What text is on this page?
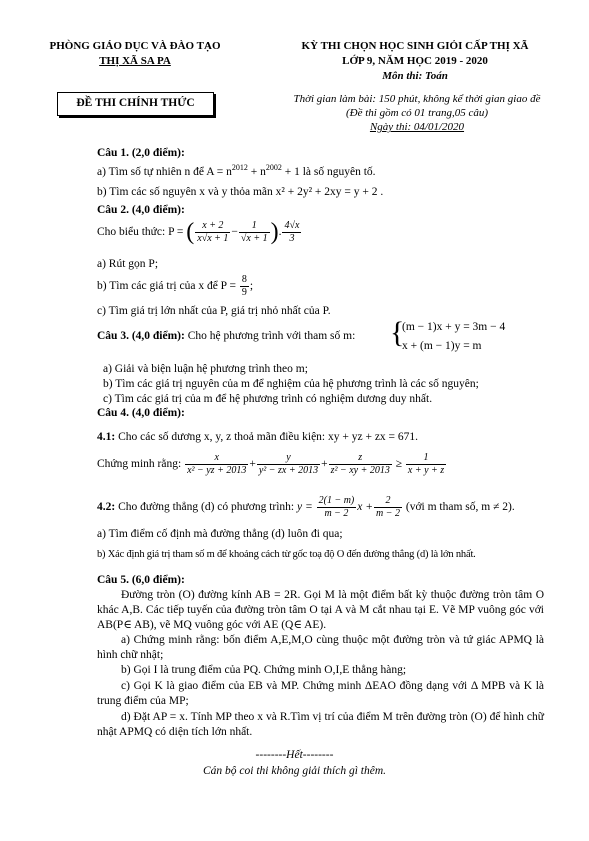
PHÒNG GIÁO DỤC VÀ ĐÀO TẠO
THỊ XÃ SA PA
KỲ THI CHỌN HỌC SINH GIỎI CẤP THỊ XÃ
LỚP 9, NĂM HỌC 2019 - 2020
Môn thi: Toán
ĐỀ THI CHÍNH THỨC	Thời gian làm bài: 150 phút, không kể thời gian giao đề
(Đề thi gồm có 01 trang,05 câu)
Ngày thi: 04/01/2020
Câu 1. (2,0 điểm):
a) Tìm số tự nhiên n để $A = n^{2012} + n^{2002} + 1$ là số nguyên tố.
b) Tìm các số nguyên x và y thỏa mãn x² + 2y² + 2xy = y + 2 .
Câu 2. (4,0 điểm):
Cho biểu thức: P = ( $\frac{x + 2}{x√x + 1} - \frac{1}{√x + 1}$ ). $\frac{4√x}{3}$
a) Rút gọn P;
b) Tìm các giá trị của x để $P = \frac{8}{9}$ ;
c) Tìm giá trị lớn nhất của P, giá trị nhỏ nhất của P.
Câu 3. (4,0 điểm): Cho hệ phương trình với tham số m: {
(m − 1)x + y = 3m − 4
x + (m − 1)y = m
a) Giải và biện luận hệ phương trình theo m;
b) Tìm các giá trị nguyên của m để nghiệm của hệ phương trình là các số nguyên;
c) Tìm các giá trị của m để hệ phương trình có nghiệm dương duy nhất.
Câu 4. (4,0 điểm):
4.1: Cho các số dương x, y, z thoả mãn điều kiện: xy + yz + zx = 671.
Chứng minh rằng: $\frac{x}{\text{x² − yz + 2013}} + \frac{y}{\text{y² − zx + 2013}} + \frac{z}{\text{z² − xy + 2013}} \ge \frac{1}{x + y + z}$
4.2: Cho đường thẳng (d) có phương trình: $y = \frac{2(1 - m)}{m - 2}$ $x + \frac{2}{m - 2}$ (với m tham số, m ≠ 2).
a) Tìm điểm cố định mà đường thẳng (d) luôn đi qua;
b) Xác định giá trị tham số m để khoảng cách từ gốc toạ độ O đến đường thẳng (d) là lớn nhất.
Câu 5. (6,0 điểm):
Đường tròn (O) đường kính AB = 2R. Gọi M là một điểm bất kỳ thuộc đường tròn tâm O khác A,B. Các tiếp tuyến của đường tròn tâm O tại A và M cắt nhau tại E. Vẽ MP vuông góc với AB(P∈ AB), vẽ MQ vuông góc với AE (Q∈ AE).
a) Chứng minh rằng: bốn điểm A,E,M,O cùng thuộc một đường tròn và tứ giác APMQ là hình chữ nhật;
b) Gọi I là trung điểm của PQ. Chứng minh O,I,E thẳng hàng;
c) Gọi K là giao điểm của EB và MP. Chứng minh ΔEAO đồng dạng với Δ MPB và K là trung điểm của MP;
d) Đặt AP = x. Tính MP theo x và R.Tìm vị trí của điểm M trên đường tròn (O) để hình chữ nhật APMQ có diện tích lớn nhất.
--------Hết--------
Cán bộ coi thi không giải thích gì thêm.
